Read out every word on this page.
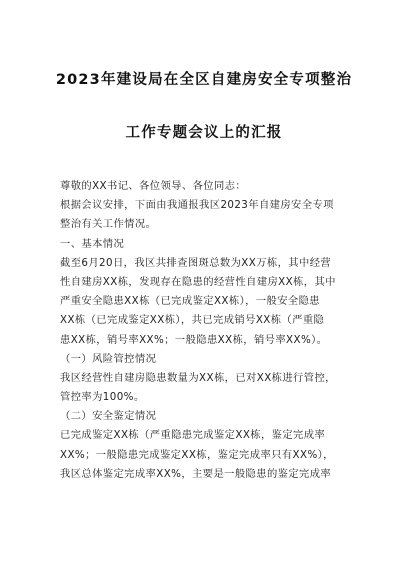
2023年建设局在全区自建房安全专项整治
工作专题会议上的汇报
尊敬的XX书记、各位领导、各位同志：
根据会议安排，下面由我通报我区2023年自建房安全专项
整治有关工作情况。
一、基本情况
截至6月20日，我区共排查图斑总数为XX万栋，其中经营
性自建房XX栋，发现存在隐患的经营性自建房XX栋，其中
严重安全隐患XX栋（已完成鉴定XX栋），一般安全隐患
XX栋（已完成鉴定XX栋），共已完成销号XX栋（严重隐
患XX栋，销号率XX%；一般隐患XX栋，销号率XX%）。
（一）风险管控情况
我区经营性自建房隐患数量为XX栋，已对XX栋进行管控，
管控率为100%。
（二）安全鉴定情况
已完成鉴定XX栋（严重隐患完成鉴定XX栋，鉴定完成率
XX%；一般隐患完成鉴定XX栋，鉴定完成率只有XX%），
我区总体鉴定完成率XX%，主要是一般隐患的鉴定完成率
